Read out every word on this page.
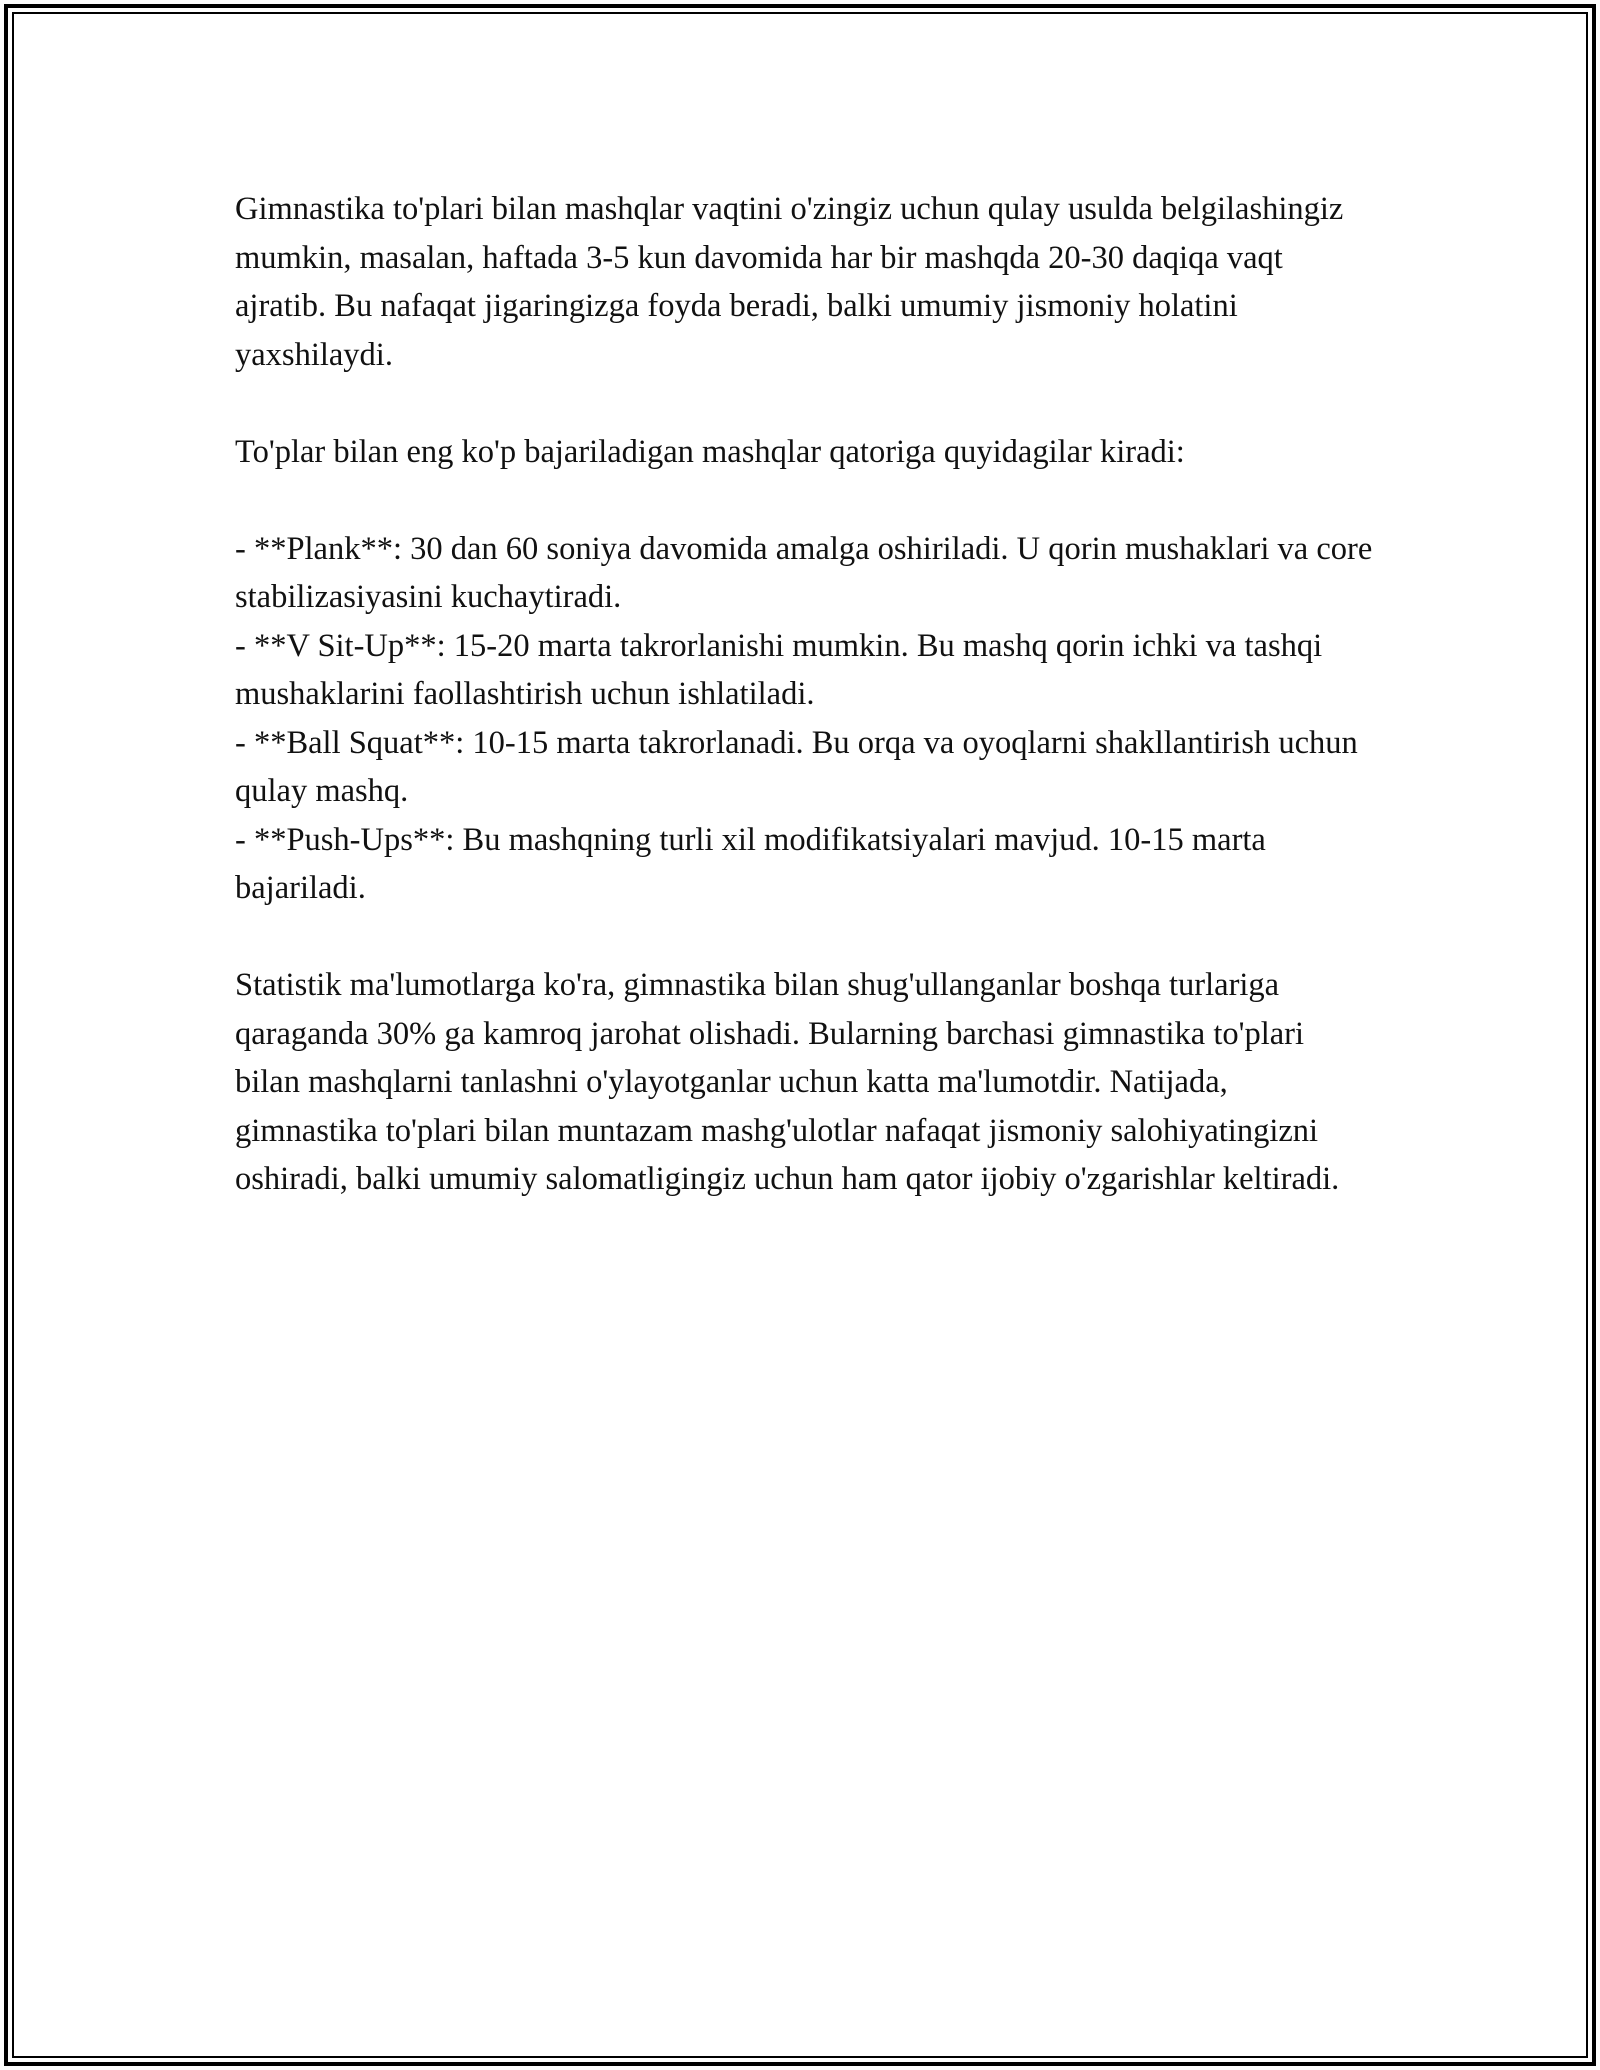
Gimnastika to'plari bilan mashqlar vaqtini o'zingiz uchun qulay usulda belgilashingiz mumkin, masalan, haftada 3-5 kun davomida har bir mashqda 20-30 daqiqa vaqt ajratib. Bu nafaqat jigaringizga foyda beradi, balki umumiy jismoniy holatini yaxshilaydi.

To'plar bilan eng ko'p bajariladigan mashqlar qatoriga quyidagilar kiradi:

- **Plank**: 30 dan 60 soniya davomida amalga oshiriladi. U qorin mushaklari va core stabilizasiyasini kuchaytiradi.
- **V Sit-Up**: 15-20 marta takrorlanishi mumkin. Bu mashq qorin ichki va tashqi mushaklarini faollashtirish uchun ishlatiladi.
- **Ball Squat**: 10-15 marta takrorlanadi. Bu orqa va oyoqlarni shakllantirish uchun qulay mashq.
- **Push-Ups**: Bu mashqning turli xil modifikatsiyalari mavjud. 10-15 marta bajariladi.

Statistik ma'lumotlarga ko'ra, gimnastika bilan shug'ullanganlar boshqa turlariga qaraganda 30% ga kamroq jarohat olishadi. Bularning barchasi gimnastika to'plari bilan mashqlarni tanlashni o'ylayotganlar uchun katta ma'lumotdir. Natijada, gimnastika to'plari bilan muntazam mashg'ulotlar nafaqat jismoniy salohiyatingizni oshiradi, balki umumiy salomatligingiz uchun ham qator ijobiy o'zgarishlar keltiradi.
